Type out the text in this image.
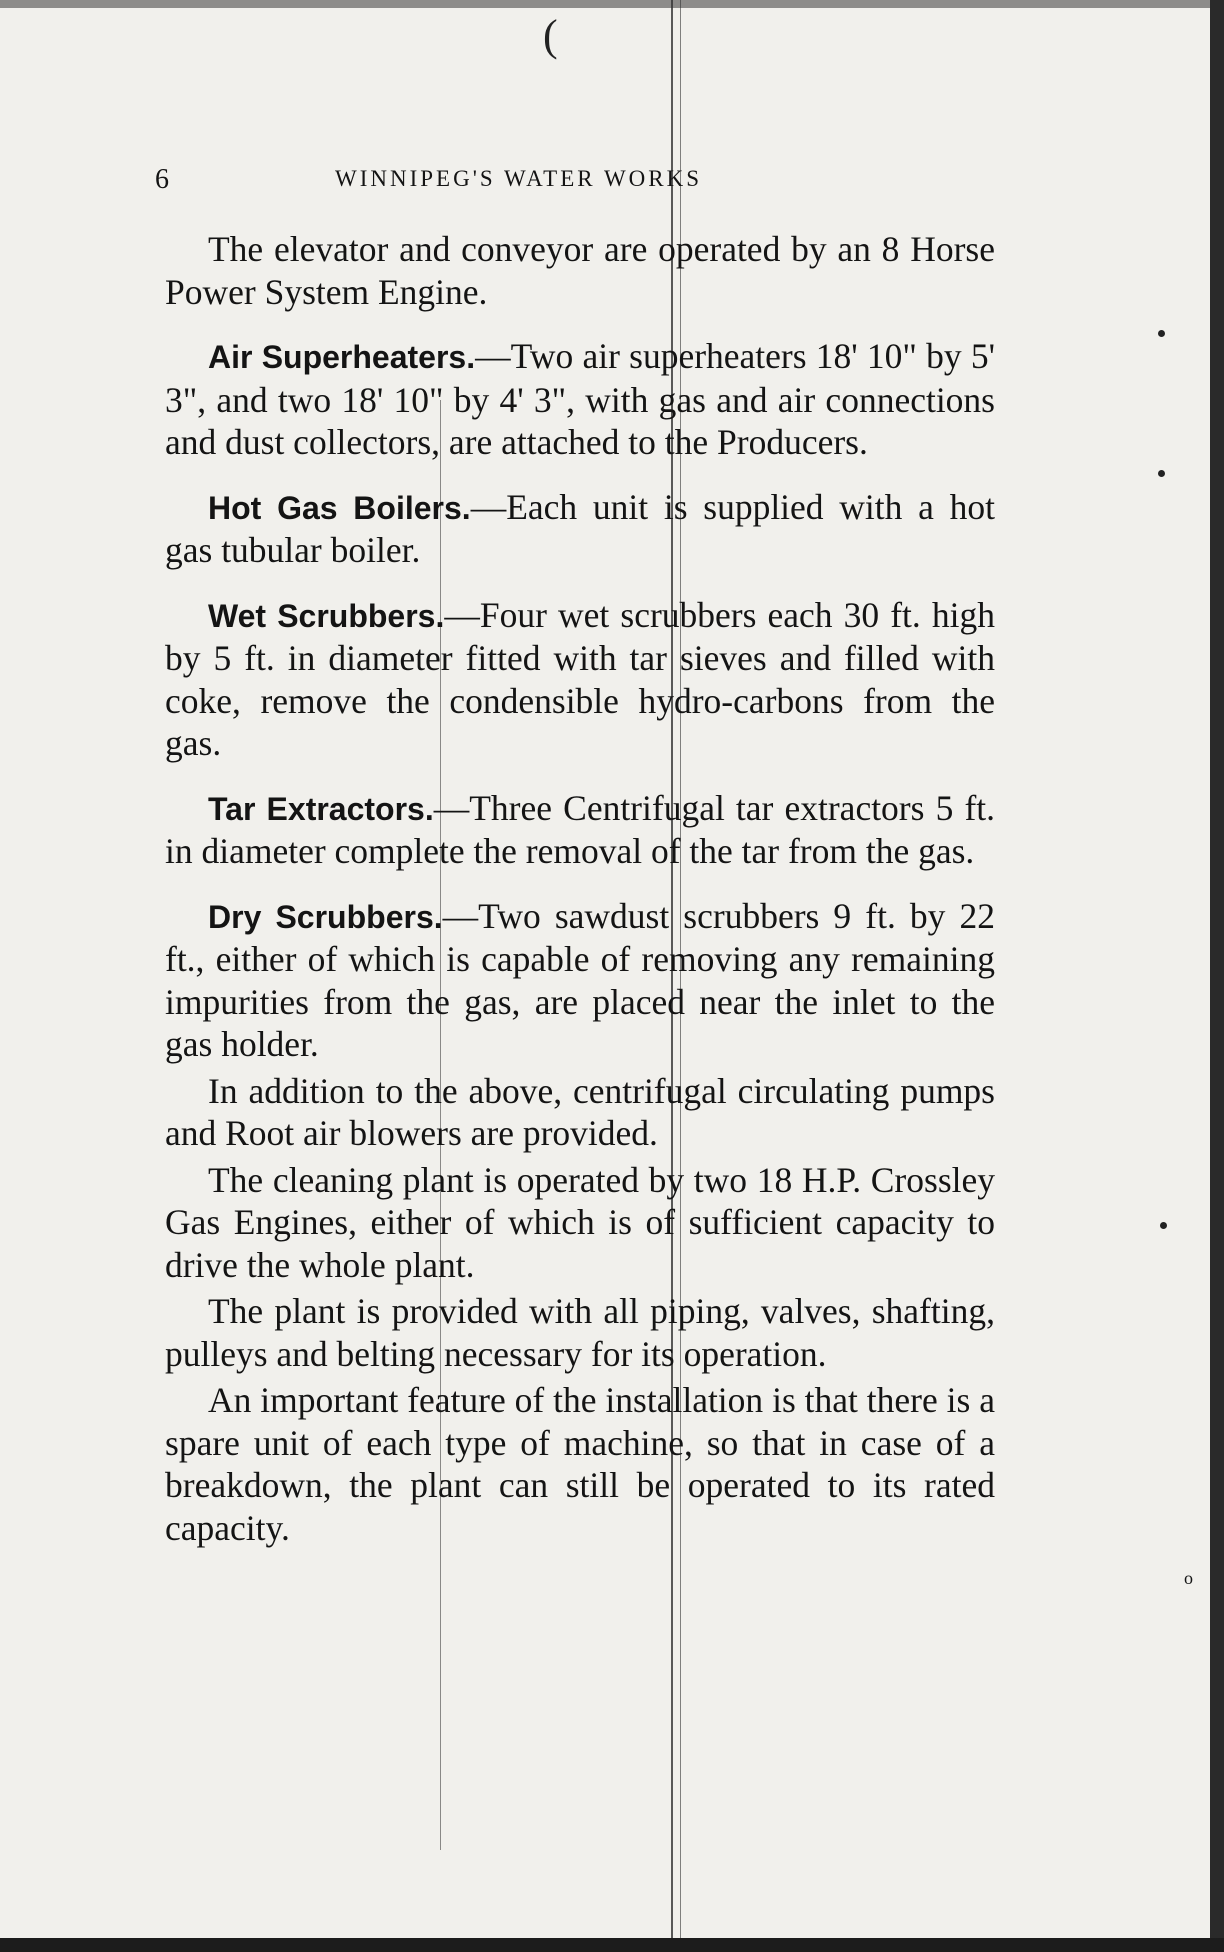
(
6	WINNIPEG'S WATER WORKS

The elevator and conveyor are operated by an 8 Horse Power System Engine.

Air Superheaters.—Two air superheaters 18' 10" by 5' 3", and two 18' 10" by 4' 3", with gas and air connections and dust collectors, are attached to the Producers.

Hot Gas Boilers.—Each unit is supplied with a hot gas tubular boiler.

Wet Scrubbers.—Four wet scrubbers each 30 ft. high by 5 ft. in diameter fitted with tar sieves and filled with coke, remove the condensible hydro-carbons from the gas.

Tar Extractors.—Three Centrifugal tar extractors 5 ft. in diameter complete the removal of the tar from the gas.

Dry Scrubbers.—Two sawdust scrubbers 9 ft. by 22 ft., either of which is capable of removing any remaining impurities from the gas, are placed near the inlet to the gas holder.

In addition to the above, centrifugal circulating pumps and Root air blowers are provided.

The cleaning plant is operated by two 18 H.P. Crossley Gas Engines, either of which is of sufficient capacity to drive the whole plant.

The plant is provided with all piping, valves, shafting, pulleys and belting necessary for its operation.

An important feature of the installation is that there is a spare unit of each type of machine, so that in case of a breakdown, the plant can still be operated to its rated capacity.

o
